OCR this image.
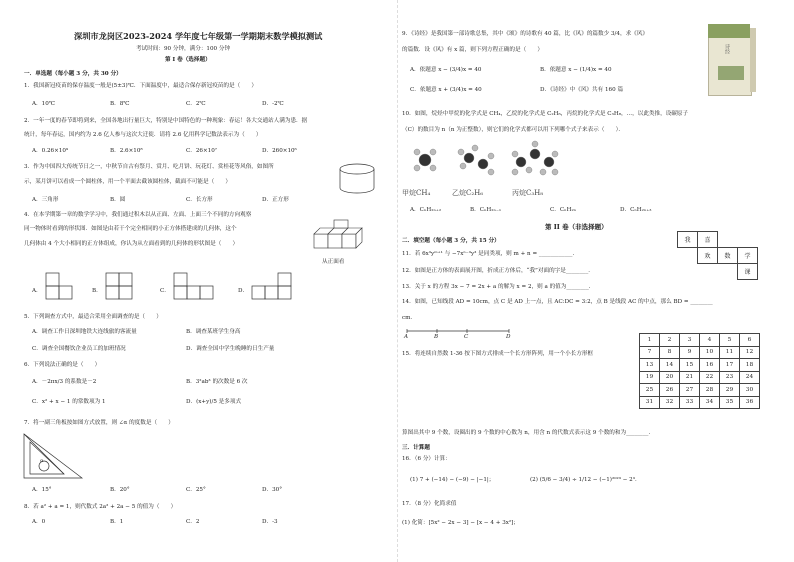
深圳市龙岗区2023-2024 学年度七年级第一学期期末数学模拟测试
考试时间：90 分钟，满分：100 分钟
第 I 卷（选择题）
一．单选题（每小题 3 分，共 30 分）
1．我国新冠疫苗的保存温度一般是(5±3)℃．下面温度中，最适合保存新冠疫苗的是（　　）
A．10℃	B．8℃	C．2℃	D．-2℃
2．一年一度的春节即将到来，全国各地出行量巨大，特别是中国特色的一种现象：春运！各大交通站人满为患．据
统计，每年春运，国内约为 2.6 亿人参与这次大迁徙．请将 2.6 亿用科学记数法表示为（　　）
A．0.26×10⁹	B．2.6×10⁸	C．26×10⁷	D．260×10⁶
3．作为中国四大传统节日之一，中秋节自古有祭月、赏月、吃月饼、玩花灯、赏桂花等风俗，如图所
示，某月饼可以看成一个圆柱体，用一个平面去截该圆柱体，截面不可能是（　　）
A．三角形	B．圆	C．长方形	D．正方形
4．在本学期第一章的数学学习中，我们通过积木以从正面、左面、上面三个不同的方向观察
同一物体时看到的形状图．如图是由若干个完全相同的小正方体搭建成的几何体，这个
几何体由 4 个大小相同的正方体组成，你认为从左面看到的几何体的形状图是（　　）
从正面看
A．	B．	C．	D．
5．下列调查方式中，最适合采用全面调查的是（　　）
A．调查工作日深圳地铁大连线旅的客流量	B．调查某班学生身高
C．调查全国餐饮企业员工的加班情况	D．调查全国中学生晚睡的日生产量
6．下列说法正确的是（　　）
A．－2πx/3 的系数是－2	B．3²ab³ 的次数是 6 次
C．x² + x − 1 的常数项为 1	D．(x+y)/5 是多项式
7．将一副三角板按如图方式放置，则 ∠α 的度数是（　　）
α
A．15°	B．20°	C．25°	D．30°
8．若 a² + a = 1，则代数式 2a² + 2a − 5 的值为（　　）
A．0	B．1	C．2	D．-3
9．《诗经》是我国第一部诗歌总集，其中《颂》的诗歌有 40 篇，比《风》的篇数少 3/4，求《风》
的篇数．设《风》有 x 篇，则下列方程正确的是（　　）
A．依题意 x − (3/4)x = 40	B．依题意 x − (1/4)x = 40
C．依题意 x + (3/4)x = 40	D．《诗经》中《风》共有 160 篇
诗经
10．如图，烷烃中甲烷的化学式是 CH₄，乙烷的化学式是 C₂H₆，丙烷的化学式是 C₃H₈，…，以此类推，设碳原子
（C）的数目为 n（n 为正整数），则它们的化学式都可以用下列哪个式子来表示（　　）．
甲烷CH₄	乙烷C₂H₆	丙烷C₃H₈
A．CₙH₂ₙ₊₂	B．CₙH₂ₙ₋₁	C．CₙH₂ₙ	D．CₙH₂ₙ₊₃
第 II 卷（非选择题）
二．填空题（每小题 3 分，共 15 分）	我	喜		
	欢	数	学
			课
11．若 6x³yᵐ⁺¹ 与 −7xⁿ⁻³y³ 是同类项，则 m + n = ____________．
12．如图是正方体的表面展开图，折成正方体后，“我”对面的字是________．
13．关于 x 的方程 3x − 7 = 2x + a 的解为 x = 2，则 a 的值为________．
14．如图，已知线段 AD = 10cm，点 C 是 AD 上一点，且 AC:DC = 3:2，点 B 是线段 AC 的中点，那么 BD = ________
cm．
A	B	C	D
15．将连续自然数 1-36 按下图方式排成一个长方形阵列，用一个小长方形框
1	2	3	4	5	6
7	8	9	10	11	12
13	14	15	16	17	18
19	20	21	22	23	24
25	26	27	28	29	30
31	32	33	34	35	36
算图出其中 9 个数，设圈出的 9 个数的中心数为 n，用含 n 的代数式表示这 9 个数的和为________．
三．计算题
16．（6 分）计算：
(1) 7 + (−14) − (−9) − |−1|；	(2) (5/6 − 3/4) ÷ 1/12 − (−1)²⁰²³ − 2³．
17．（8 分）化简求值
(1) 化简：[5x² − 2x − 3] − [x − 4 + 3x²]；
